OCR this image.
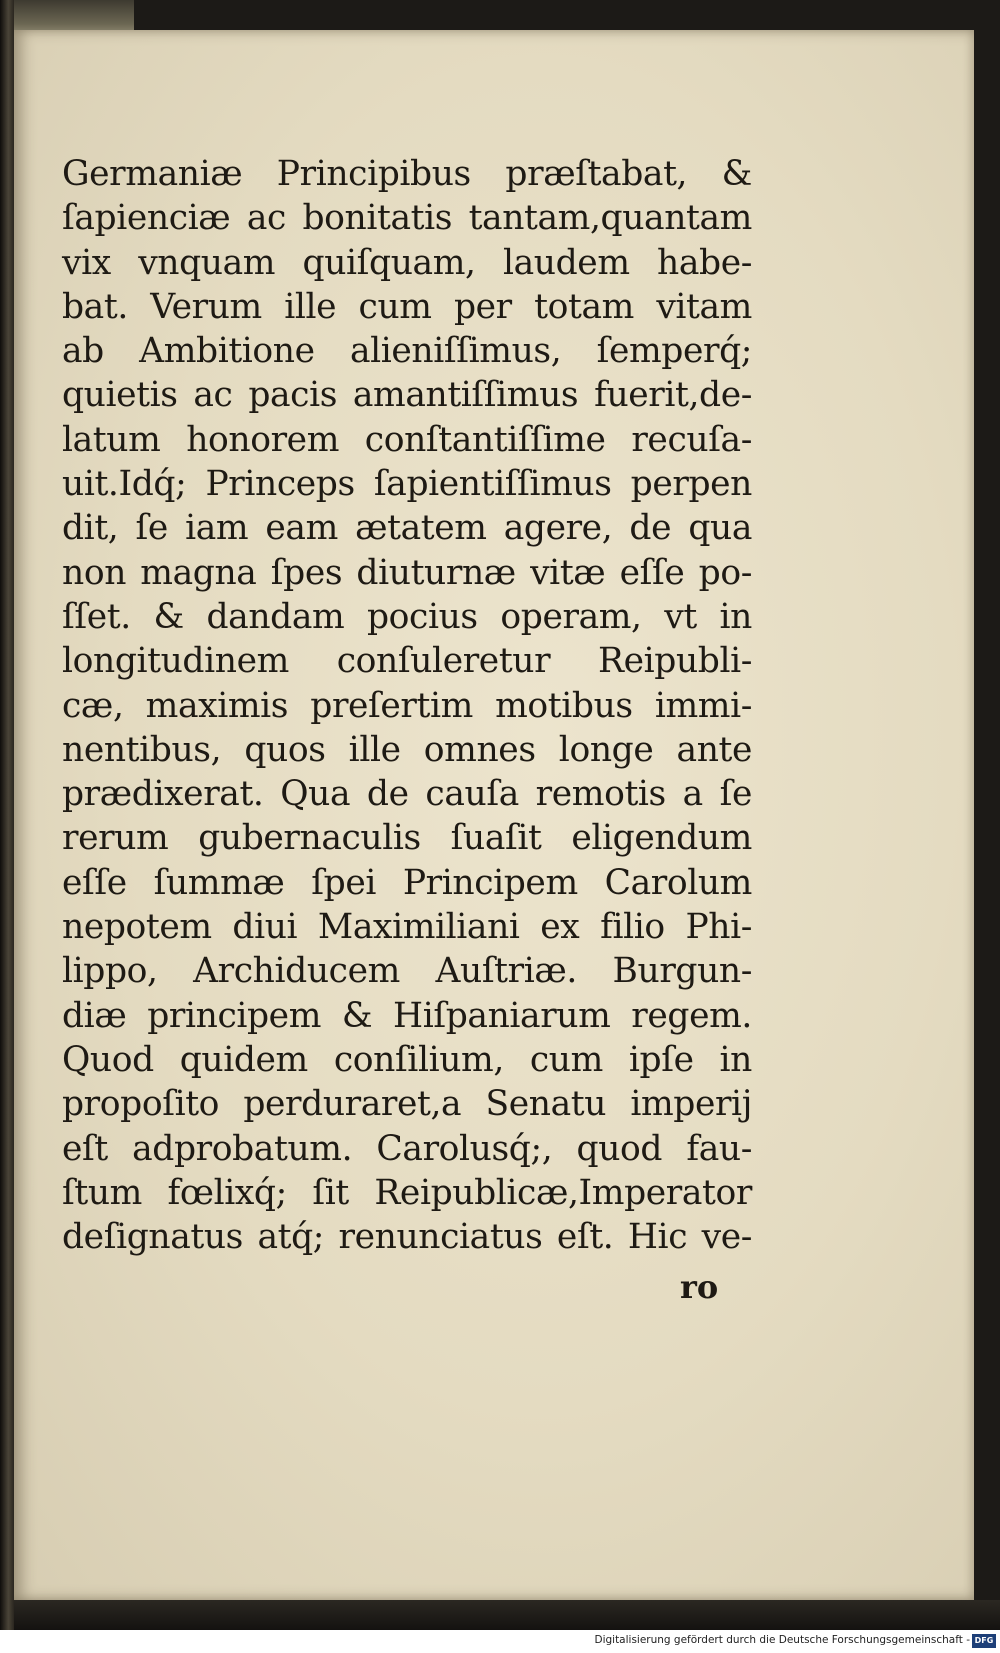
Germaniæ Principibus præſtabat, &
ſapienciæ ac bonitatis tantam,quantam
vix vnquam quiſquam, laudem habe-
bat. Verum ille cum per totam vitam
ab Ambitione alieniſſimus, ſemperq́;
quietis ac pacis amantiſſimus fuerit,de-
latum honorem conſtantiſſime recuſa-
uit.Idq́; Princeps ſapientiſſimus perpen
dit, ſe iam eam ætatem agere, de qua
non magna ſpes diuturnæ vitæ eſſe po-
ſſet. & dandam pocius operam, vt in
longitudinem conſuleretur Reipubli-
cæ, maximis preſertim motibus immi-
nentibus, quos ille omnes longe ante
prædixerat. Qua de cauſa remotis a ſe
rerum gubernaculis ſuaſit eligendum
eſſe ſummæ ſpei Principem Carolum
nepotem diui Maximiliani ex filio Phi-
lippo, Archiducem Auſtriæ. Burgun-
diæ principem & Hiſpaniarum regem.
Quod quidem conſilium, cum ipſe in
propoſito perduraret,a Senatu imperij
eſt adprobatum. Carolusq́;, quod fau-
ſtum fœlixq́; ſit Reipublicæ,Imperator
deſignatus atq́; renunciatus eſt. Hic ve-
ro
Digitalisierung gefördert durch die Deutsche Forschungsgemeinschaft - DFG
